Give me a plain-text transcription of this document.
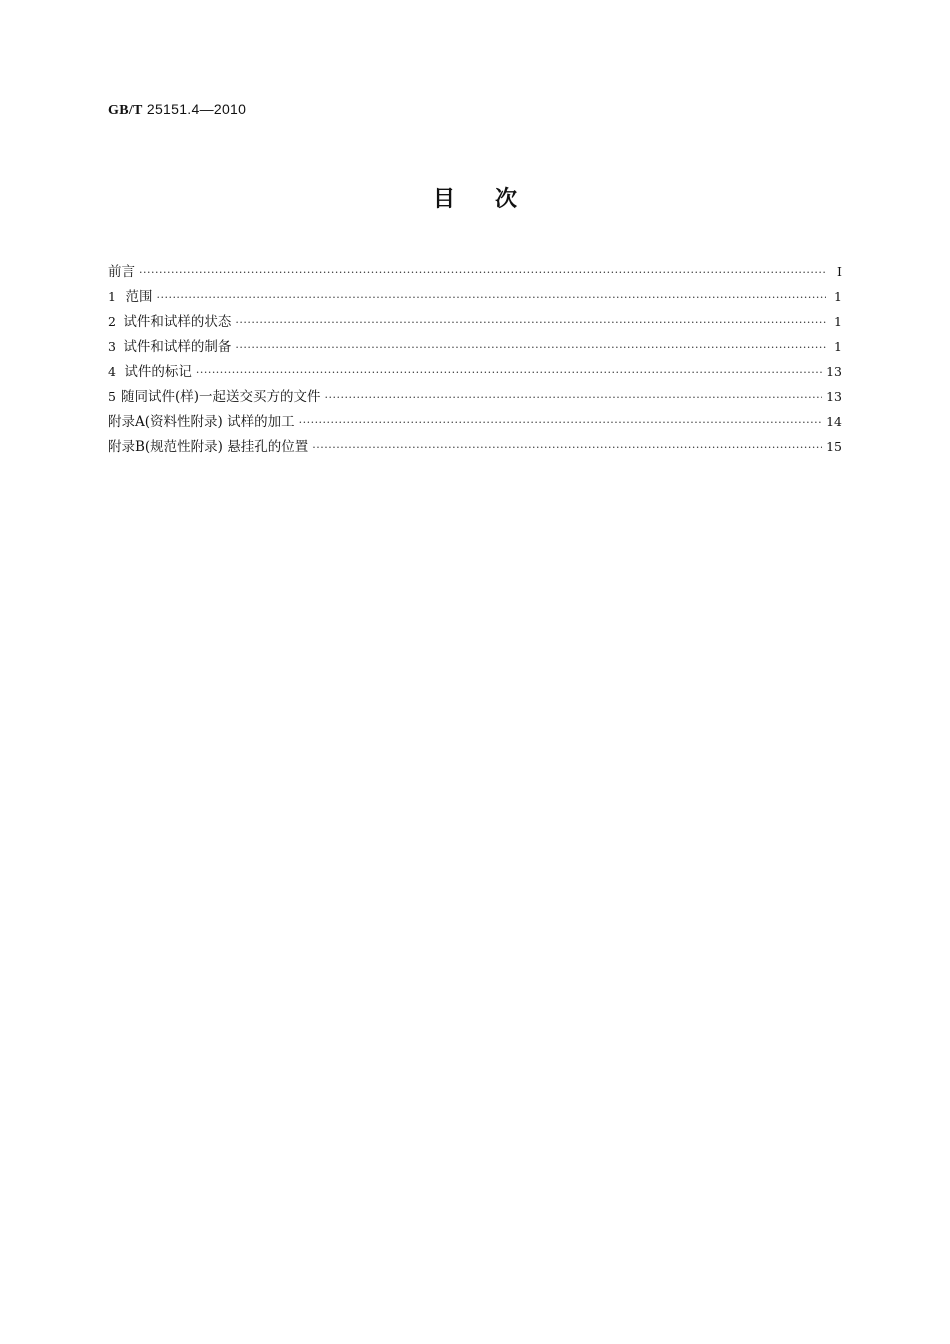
GB/T 25151.4—2010
目次
前言 ·····	Ⅰ
1 范围 ·····	1
2 试件和试样的状态 ·····	1
3 试件和试样的制备 ·····	1
4 试件的标记 ·····	13
5 随同试件(样)一起送交买方的文件 ·····	13
附录A(资料性附录) 试样的加工 ·····	14
附录B(规范性附录) 悬挂孔的位置 ·····	15
